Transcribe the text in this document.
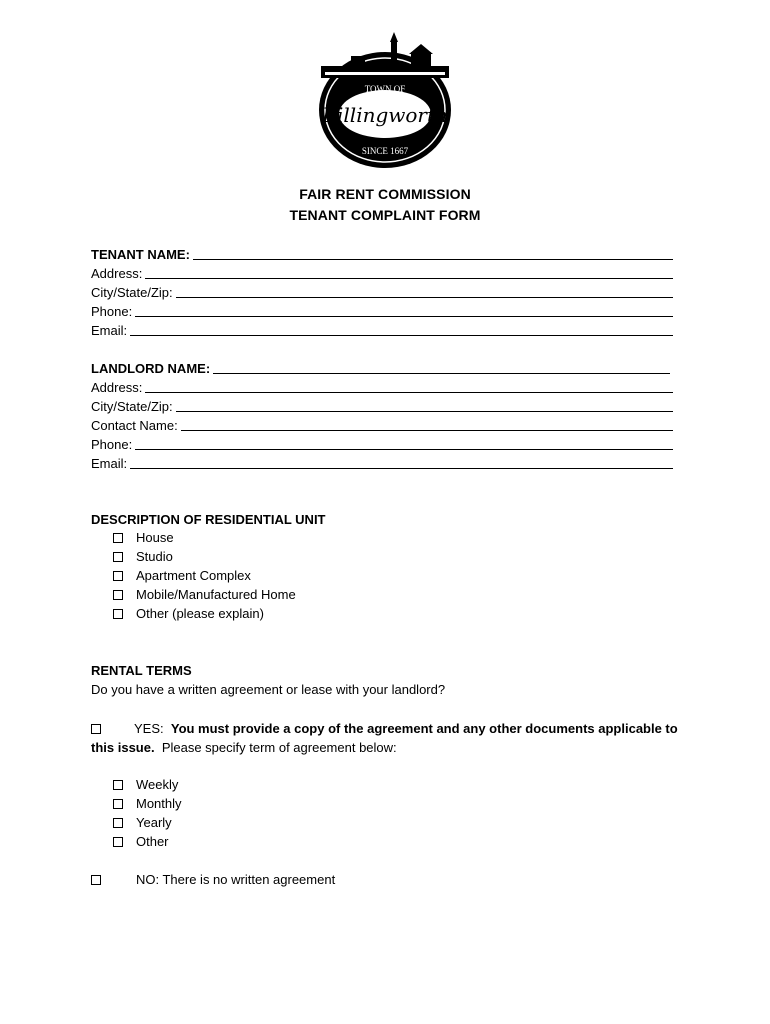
TOWN OF
Killingworth
SINCE 1667
FAIR RENT COMMISSION
TENANT COMPLAINT FORM
TENANT NAME:
Address:
City/State/Zip:
Phone:
Email:
LANDLORD NAME:
Address:
City/State/Zip:
Contact Name:
Phone:
Email:
DESCRIPTION OF RESIDENTIAL UNIT
House
Studio
Apartment Complex
Mobile/Manufactured Home
Other (please explain)
RENTAL TERMS
Do you have a written agreement or lease with your landlord?
YES: You must provide a copy of the agreement and any other documents applicable to this issue. Please specify term of agreement below:
Weekly
Monthly
Yearly
Other
NO: There is no written agreement
